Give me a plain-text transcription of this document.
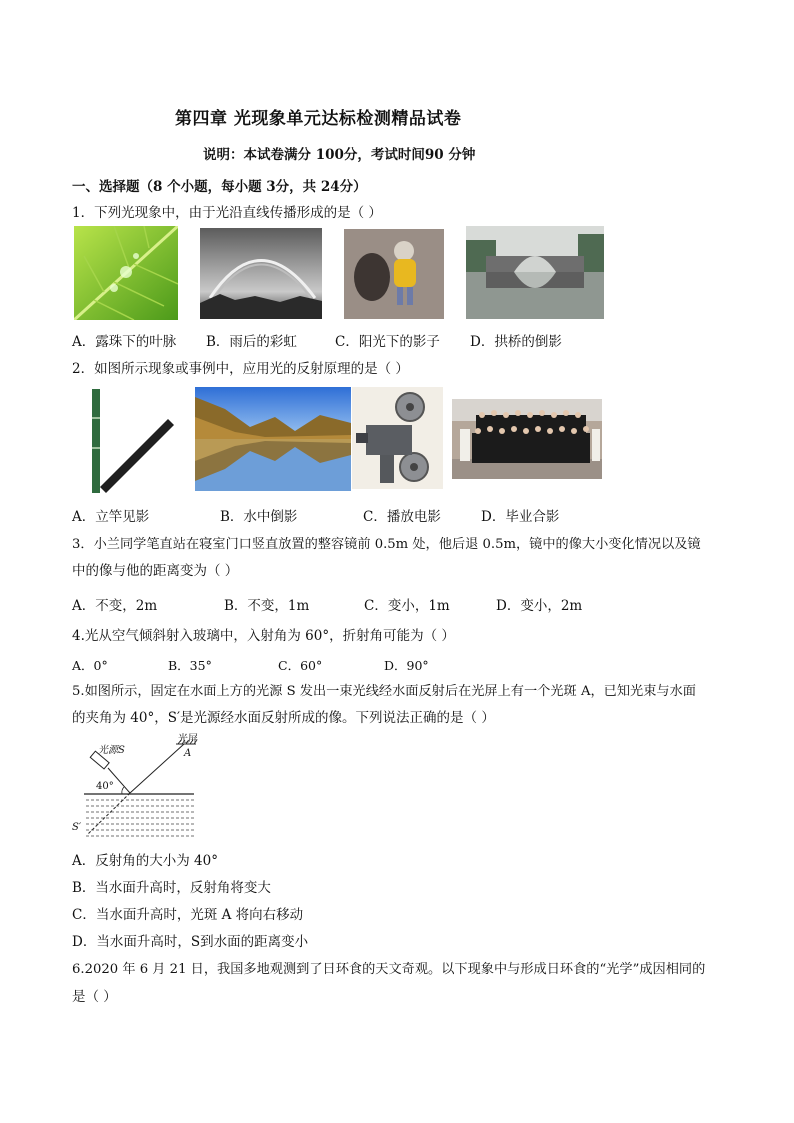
第四章 光现象单元达标检测精品试卷
说明：本试卷满分 100分，考试时间90 分钟
一、选择题（8 个小题，每小题 3分，共 24分）
1．下列光现象中，由于光沿直线传播形成的是（ ）
A．露珠下的叶脉 B．雨后的彩虹	C．阳光下的影子 D．拱桥的倒影
2．如图所示现象或事例中，应用光的反射原理的是（ ）
A．立竿见影	B．水中倒影	C．播放电影	D．毕业合影
3．小兰同学笔直站在寝室门口竖直放置的整容镜前 0.5m 处，他后退 0.5m，镜中的像大小变化情况以及镜
中的像与他的距离变为（ ）
A．不变，2m	B．不变，1m	C．变小，1m	D．变小，2m
4.光从空气倾斜射入玻璃中，入射角为 60°，折射角可能为（ ）
A．0°	B．35°	C．60°	D．90°
5.如图所示，固定在水面上方的光源 S 发出一束光线经水面反射后在光屏上有一个光斑 A，已知光束与水面
的夹角为 40°，S′是光源经水面反射所成的像。下列说法正确的是（ ）
光源S
光屏
A
40°
S′
A．反射角的大小为 40°
B．当水面升高时，反射角将变大
C．当水面升高时，光斑 A 将向右移动
D．当水面升高时，S到水面的距离变小
6.2020 年 6 月 21 日，我国多地观测到了日环食的天文奇观。以下现象中与形成日环食的“光学”成因相同的
是（ ）
